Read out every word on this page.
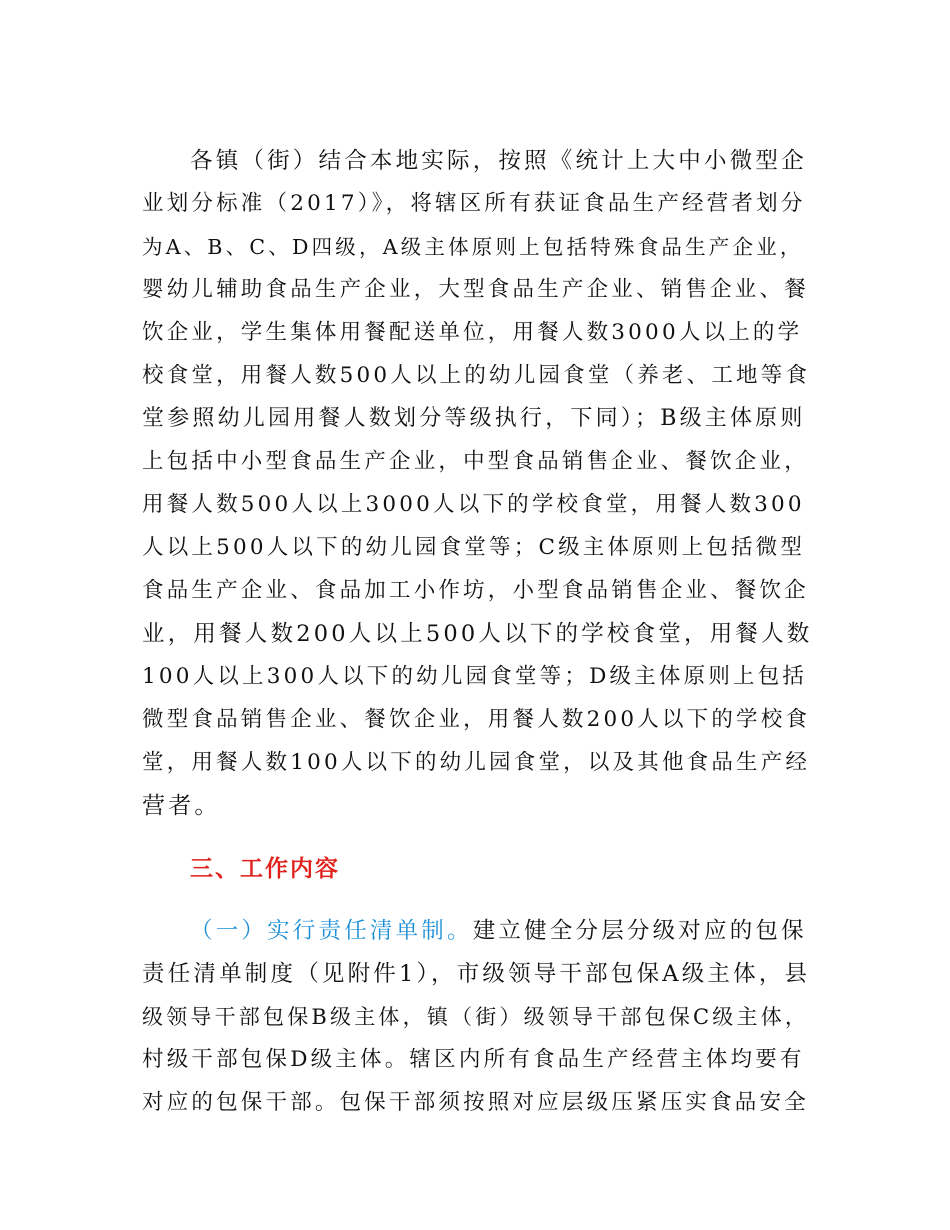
各镇（街）结合本地实际，按照《统计上大中小微型企
业划分标准（2017）》，将辖区所有获证食品生产经营者划分
为A、B、C、D四级，A级主体原则上包括特殊食品生产企业，
婴幼儿辅助食品生产企业，大型食品生产企业、销售企业、餐
饮企业，学生集体用餐配送单位，用餐人数3000人以上的学
校食堂，用餐人数500人以上的幼儿园食堂（养老、工地等食
堂参照幼儿园用餐人数划分等级执行，下同）；B级主体原则
上包括中小型食品生产企业，中型食品销售企业、餐饮企业，
用餐人数500人以上3000人以下的学校食堂，用餐人数300
人以上500人以下的幼儿园食堂等；C级主体原则上包括微型
食品生产企业、食品加工小作坊，小型食品销售企业、餐饮企
业，用餐人数200人以上500人以下的学校食堂，用餐人数
100人以上300人以下的幼儿园食堂等；D级主体原则上包括
微型食品销售企业、餐饮企业，用餐人数200人以下的学校食
堂，用餐人数100人以下的幼儿园食堂，以及其他食品生产经
营者。
三、工作内容
（一）实行责任清单制。建立健全分层分级对应的包保
责任清单制度（见附件1），市级领导干部包保A级主体，县
级领导干部包保B级主体，镇（街）级领导干部包保C级主体，
村级干部包保D级主体。辖区内所有食品生产经营主体均要有
对应的包保干部。包保干部须按照对应层级压紧压实食品安全
